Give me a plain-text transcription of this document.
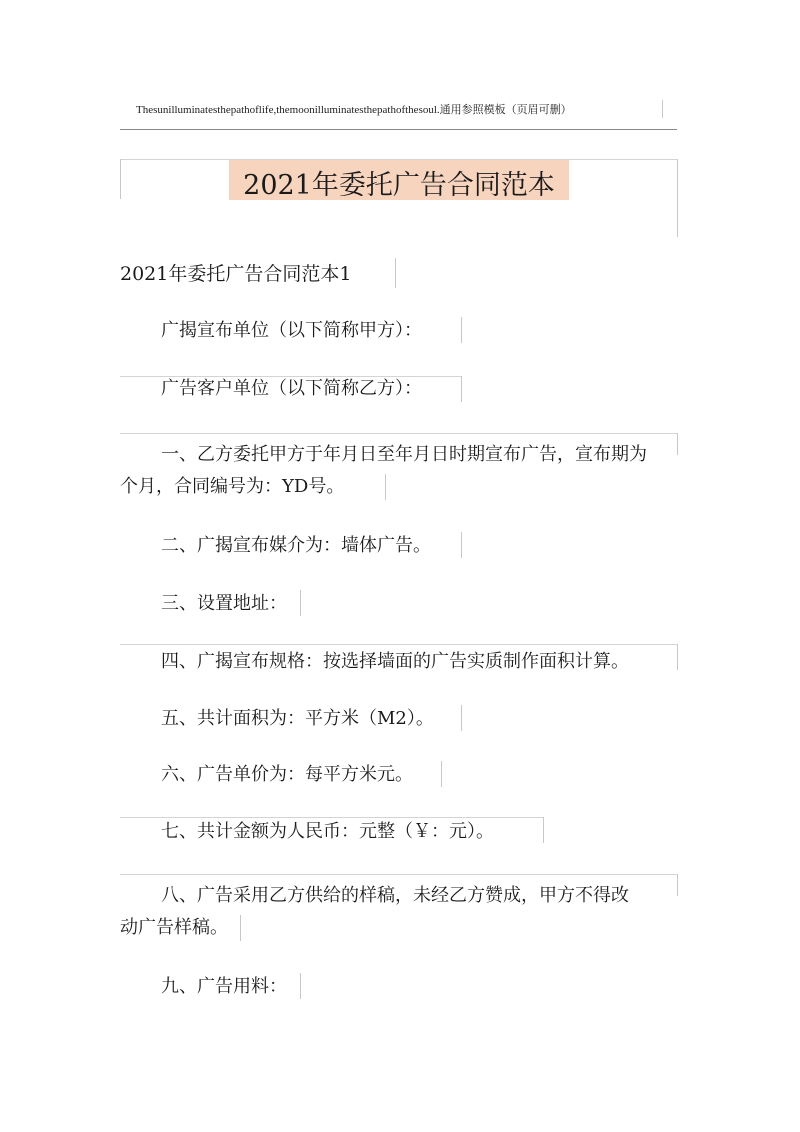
Thesunilluminatesthepathoflife,themoonilluminatesthepathofthesoul.通用参照模板（页眉可删）
2021年委托广告合同范本
2021年委托广告合同范本1
广揭宣布单位（以下简称甲方）：
广告客户单位（以下简称乙方）：
一、乙方委托甲方于年月日至年月日时期宣布广告，宣布期为
个月，合同编号为：YD号。
二、广揭宣布媒介为：墙体广告。
三、设置地址：
四、广揭宣布规格：按选择墙面的广告实质制作面积计算。
五、共计面积为：平方米（M2）。
六、广告单价为：每平方米元。
七、共计金额为人民币：元整（￥：元）。
八、广告采用乙方供给的样稿，未经乙方赞成，甲方不得改
动广告样稿。
九、广告用料：
